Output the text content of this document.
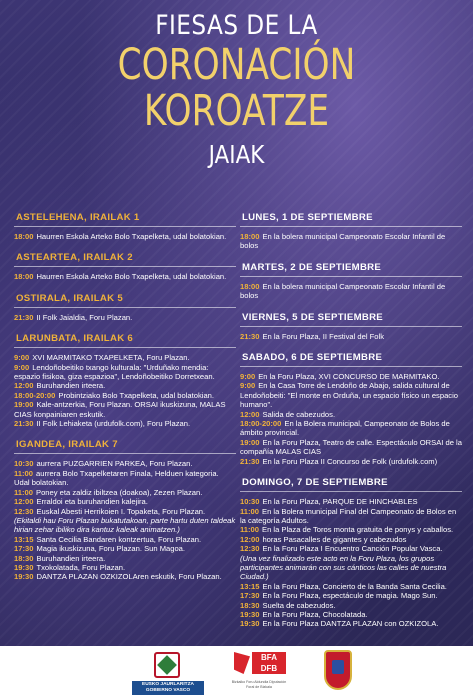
FIESAS DE LA
CORONACIÓN
KOROATZE
JAIAK
ASTELEHENA, IRAILAK 1
18:00 Haurren Eskola Arteko Bolo Txapelketa, udal bolatokian.
ASTEARTEA, IRAILAK 2
18:00 Haurren Eskola Arteko Bolo Txapelketa, udal bolatokian.
OSTIRALA, IRAILAK 5
21:30 II Folk Jaialdia, Foru Plazan.
LARUNBATA, IRAILAK 6
9:00 XVI MARMITAKO TXAPELKETA, Foru Plazan.
9:00 Lendoñobeitiko txango kulturala: "Urduñako mendia: espazio fisikoa, giza espazioa", Lendoñobeitiko Dorretxean.
12:00 Buruhandien irteera.
18:00-20:00 Probintziako Bolo Txapelketa, udal bolatokian.
19:00 Kale-antzerkia, Foru Plazan. ORSAI ikuskizuna, MALAS CIAS konpainiaren eskutik.
21:30 II Folk Lehiaketa (urdufolk.com), Foru Plazan.
IGANDEA, IRAILAK 7
10:30 aurrera PUZGARRIEN PARKEA, Foru Plazan.
11:00 aurrera Bolo Txapelketaren Finala, Helduen kategoria. Udal bolatokian.
11:00 Poney eta zaldiz ibiltzea (doakoa), Zezen Plazan.
12:00 Erraldoi eta buruhandien kalejira.
12:30 Euskal Abesti Herrikoien I. Topaketa, Foru Plazan.
(Ekitaldi hau Foru Plazan bukatutakoan, parte hartu duten taldeak hirian zehar ibiliko dira kantuz kaleak animatzen.)
13:15 Santa Cecilia Bandaren kontzertua, Foru Plazan.
17:30 Magia ikuskizuna, Foru Plazan. Sun Magoa.
18:30 Buruhandien irteera.
19:30 Txokolatada, Foru Plazan.
19:30 DANTZA PLAZAN OZKIZOLAren eskutik, Foru Plazan.
LUNES, 1 DE SEPTIEMBRE
18:00 En la bolera municipal Campeonato Escolar Infantil de bolos
MARTES, 2 DE SEPTIEMBRE
18:00 En la bolera municipal Campeonato Escolar Infantil de bolos
VIERNES, 5 DE SEPTIEMBRE
21:30 En la Foru Plaza, II Festival del Folk
SABADO, 6 DE SEPTIEMBRE
9:00 En la Foru Plaza, XVI CONCURSO DE MARMITAKO.
9:00 En la Casa Torre de Lendoño de Abajo, salida cultural de Lendoñobeiti: "El monte en Orduña, un espacio físico un espacio humano".
12:00 Salida de cabezudos.
18:00-20:00 En la Bolera municipal, Campeonato de Bolos de ámbito provincial.
19:00 En la Foru Plaza, Teatro de calle. Espectáculo ORSAI de la compañía MALAS CIAS
21:30 En la Foru Plaza II Concurso de Folk (urdufolk.com)
DOMINGO, 7 DE SEPTIEMBRE
10:30 En la Foru Plaza, PARQUE DE HINCHABLES
11:00 En la Bolera municipal Final del Campeonato de Bolos en la categoría Adultos.
11:00 En la Plaza de Toros monta gratuita de ponys y caballos.
12:00 horas Pasacalles de gigantes y cabezudos
12:30 En la Foru Plaza I Encuentro Canción Popular Vasca.
(Una vez finalizado este acto en la Foru Plaza, los grupos participantes animarán con sus cánticos las calles de nuestra Ciudad.)
13:15 En la Foru Plaza, Concierto de la Banda Santa Cecilia.
17:30 En la Foru Plaza, espectáculo de magia. Mago Sun.
18:30 Suelta de cabezudos.
19:30 En la Foru Plaza, Chocolatada.
19:30 En la Foru Plaza DANTZA PLAZAN con OZKIZOLA.
EUSKO JAURLARITZA GOBIERNO VASCO
BFA DFB
Bizkaiko Foru Aldundia Diputación Foral de Bizkaia
